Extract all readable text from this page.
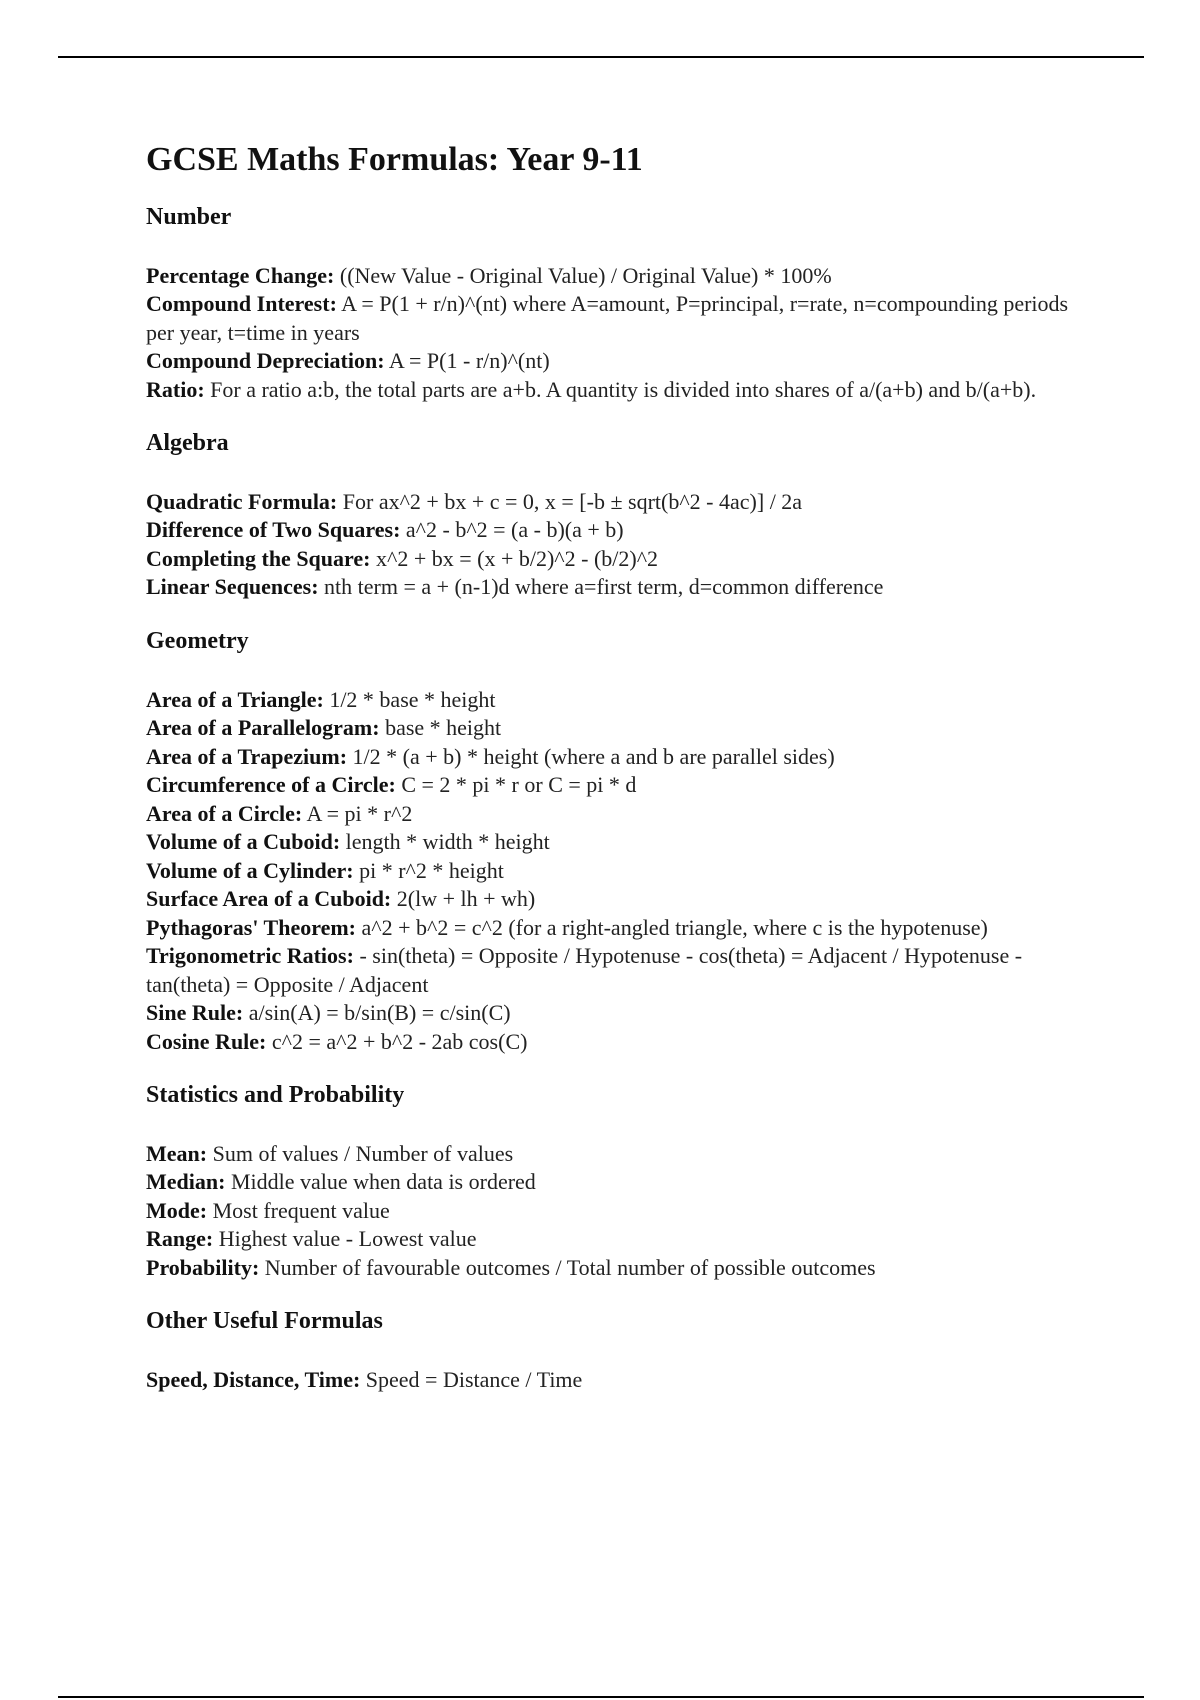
GCSE Maths Formulas: Year 9-11
Number

Percentage Change: ((New Value - Original Value) / Original Value) * 100%

Compound Interest: A = P(1 + r/n)^(nt) where A=amount, P=principal, r=rate, n=compounding periods per year, t=time in years

Compound Depreciation: A = P(1 - r/n)^(nt)

Ratio: For a ratio a:b, the total parts are a+b. A quantity is divided into shares of a/(a+b) and b/(a+b).

Algebra

Quadratic Formula: For ax^2 + bx + c = 0, x = [-b ± sqrt(b^2 - 4ac)] / 2a

Difference of Two Squares: a^2 - b^2 = (a - b)(a + b)

Completing the Square: x^2 + bx = (x + b/2)^2 - (b/2)^2

Linear Sequences: nth term = a + (n-1)d where a=first term, d=common difference

Geometry

Area of a Triangle: 1/2 * base * height

Area of a Parallelogram: base * height

Area of a Trapezium: 1/2 * (a + b) * height (where a and b are parallel sides)

Circumference of a Circle: C = 2 * pi * r or C = pi * d

Area of a Circle: A = pi * r^2

Volume of a Cuboid: length * width * height

Volume of a Cylinder: pi * r^2 * height

Surface Area of a Cuboid: 2(lw + lh + wh)

Pythagoras' Theorem: a^2 + b^2 = c^2 (for a right-angled triangle, where c is the hypotenuse)

Trigonometric Ratios: - sin(theta) = Opposite / Hypotenuse - cos(theta) = Adjacent / Hypotenuse - tan(theta) = Opposite / Adjacent

Sine Rule: a/sin(A) = b/sin(B) = c/sin(C)

Cosine Rule: c^2 = a^2 + b^2 - 2ab cos(C)

Statistics and Probability

Mean: Sum of values / Number of values

Median: Middle value when data is ordered

Mode: Most frequent value

Range: Highest value - Lowest value

Probability: Number of favourable outcomes / Total number of possible outcomes

Other Useful Formulas

Speed, Distance, Time: Speed = Distance / Time
